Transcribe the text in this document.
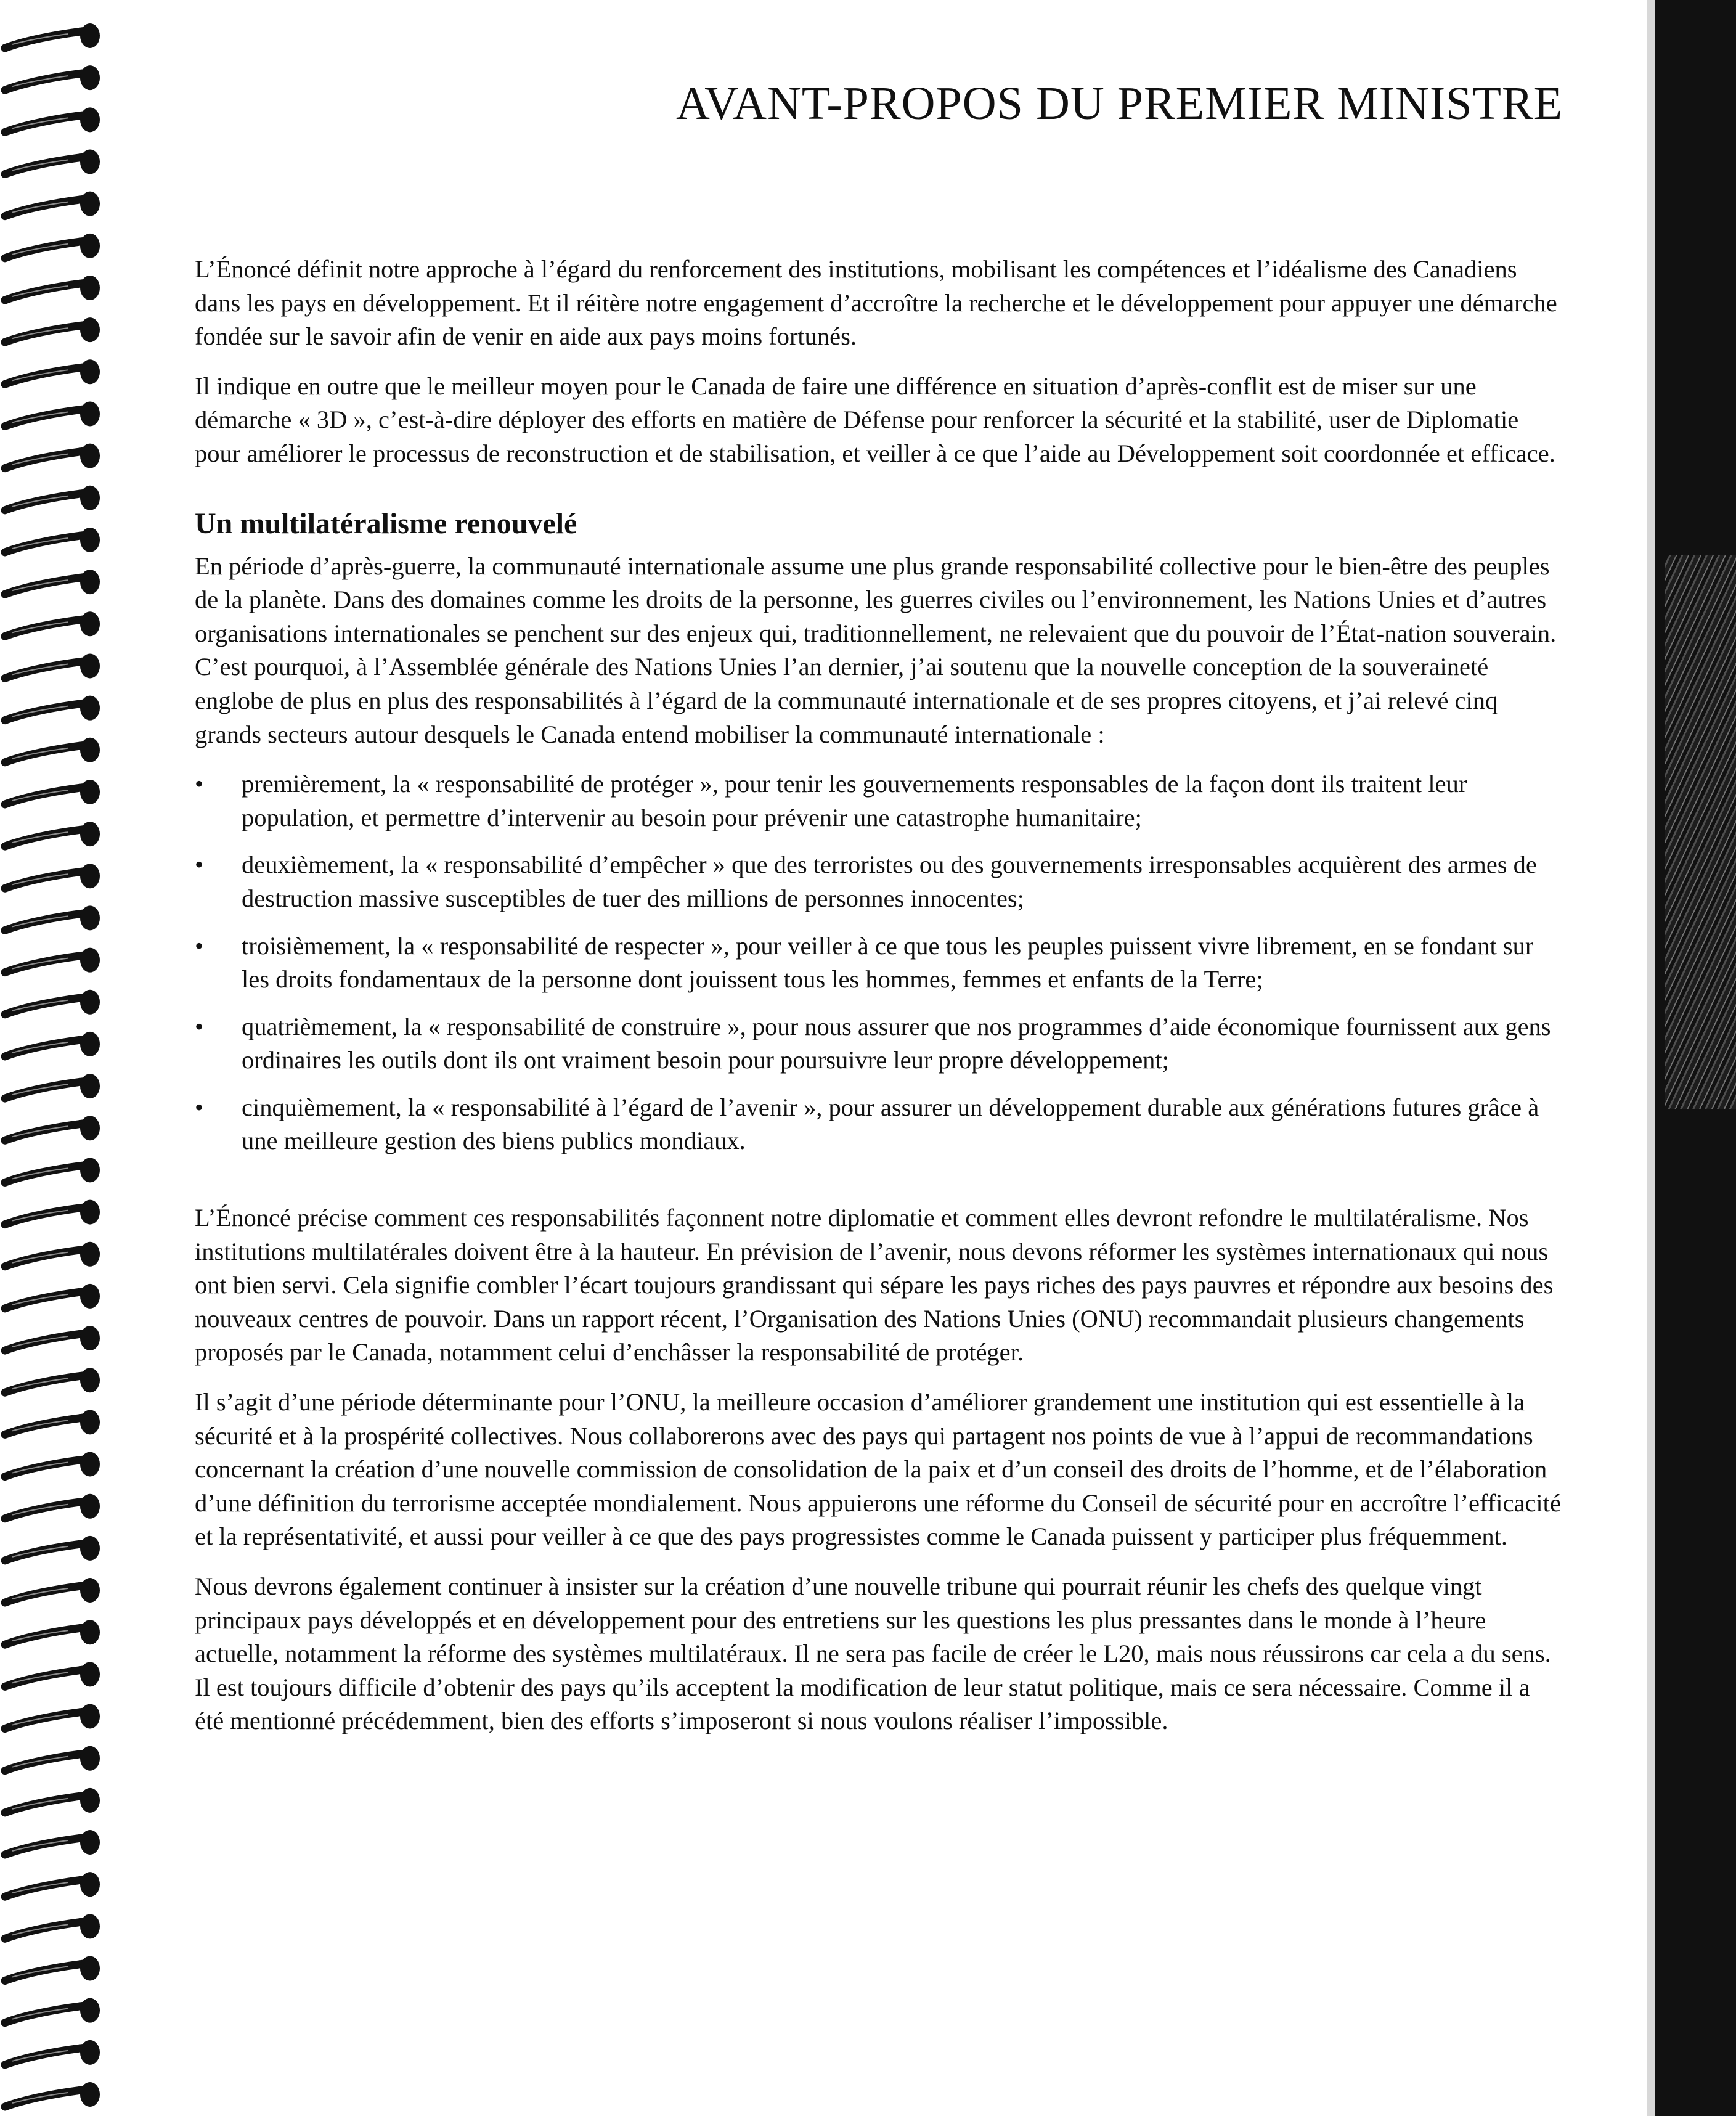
AVANT-PROPOS DU PREMIER MINISTRE

L’Énoncé définit notre approche à l’égard du renforcement des institutions, mobilisant les compétences et l’idéalisme des Canadiens dans les pays en développement. Et il réitère notre engagement d’accroître la recherche et le développement pour appuyer une démarche fondée sur le savoir afin de venir en aide aux pays moins fortunés.

Il indique en outre que le meilleur moyen pour le Canada de faire une différence en situation d’après-conflit est de miser sur une démarche « 3D », c’est-à-dire déployer des efforts en matière de Défense pour renforcer la sécurité et la stabilité, user de Diplomatie pour améliorer le processus de reconstruction et de stabilisation, et veiller à ce que l’aide au Développement soit coordonnée et efficace.

Un multilatéralisme renouvelé

En période d’après-guerre, la communauté internationale assume une plus grande responsabilité collective pour le bien-être des peuples de la planète. Dans des domaines comme les droits de la personne, les guerres civiles ou l’environnement, les Nations Unies et d’autres organisations internationales se penchent sur des enjeux qui, traditionnellement, ne relevaient que du pouvoir de l’État-nation souverain. C’est pourquoi, à l’Assemblée générale des Nations Unies l’an dernier, j’ai soutenu que la nouvelle conception de la souveraineté englobe de plus en plus des responsabilités à l’égard de la communauté internationale et de ses propres citoyens, et j’ai relevé cinq grands secteurs autour desquels le Canada entend mobiliser la communauté internationale :

• premièrement, la « responsabilité de protéger », pour tenir les gouvernements responsables de la façon dont ils traitent leur population, et permettre d’intervenir au besoin pour prévenir une catastrophe humanitaire;
• deuxièmement, la « responsabilité d’empêcher » que des terroristes ou des gouvernements irresponsables acquièrent des armes de destruction massive susceptibles de tuer des millions de personnes innocentes;
• troisièmement, la « responsabilité de respecter », pour veiller à ce que tous les peuples puissent vivre librement, en se fondant sur les droits fondamentaux de la personne dont jouissent tous les hommes, femmes et enfants de la Terre;
• quatrièmement, la « responsabilité de construire », pour nous assurer que nos programmes d’aide économique fournissent aux gens ordinaires les outils dont ils ont vraiment besoin pour poursuivre leur propre développement;
• cinquièmement, la « responsabilité à l’égard de l’avenir », pour assurer un développement durable aux générations futures grâce à une meilleure gestion des biens publics mondiaux.

L’Énoncé précise comment ces responsabilités façonnent notre diplomatie et comment elles devront refondre le multilatéralisme. Nos institutions multilatérales doivent être à la hauteur. En prévision de l’avenir, nous devons réformer les systèmes internationaux qui nous ont bien servi. Cela signifie combler l’écart toujours grandissant qui sépare les pays riches des pays pauvres et répondre aux besoins des nouveaux centres de pouvoir. Dans un rapport récent, l’Organisation des Nations Unies (ONU) recommandait plusieurs changements proposés par le Canada, notamment celui d’enchâsser la responsabilité de protéger.

Il s’agit d’une période déterminante pour l’ONU, la meilleure occasion d’améliorer grandement une institution qui est essentielle à la sécurité et à la prospérité collectives. Nous collaborerons avec des pays qui partagent nos points de vue à l’appui de recommandations concernant la création d’une nouvelle commission de consolidation de la paix et d’un conseil des droits de l’homme, et de l’élaboration d’une définition du terrorisme acceptée mondialement. Nous appuierons une réforme du Conseil de sécurité pour en accroître l’efficacité et la représentativité, et aussi pour veiller à ce que des pays progressistes comme le Canada puissent y participer plus fréquemment.

Nous devrons également continuer à insister sur la création d’une nouvelle tribune qui pourrait réunir les chefs des quelque vingt principaux pays développés et en développement pour des entretiens sur les questions les plus pressantes dans le monde à l’heure actuelle, notamment la réforme des systèmes multilatéraux. Il ne sera pas facile de créer le L20, mais nous réussirons car cela a du sens. Il est toujours difficile d’obtenir des pays qu’ils acceptent la modification de leur statut politique, mais ce sera nécessaire. Comme il a été mentionné précédemment, bien des efforts s’imposeront si nous voulons réaliser l’impossible.
